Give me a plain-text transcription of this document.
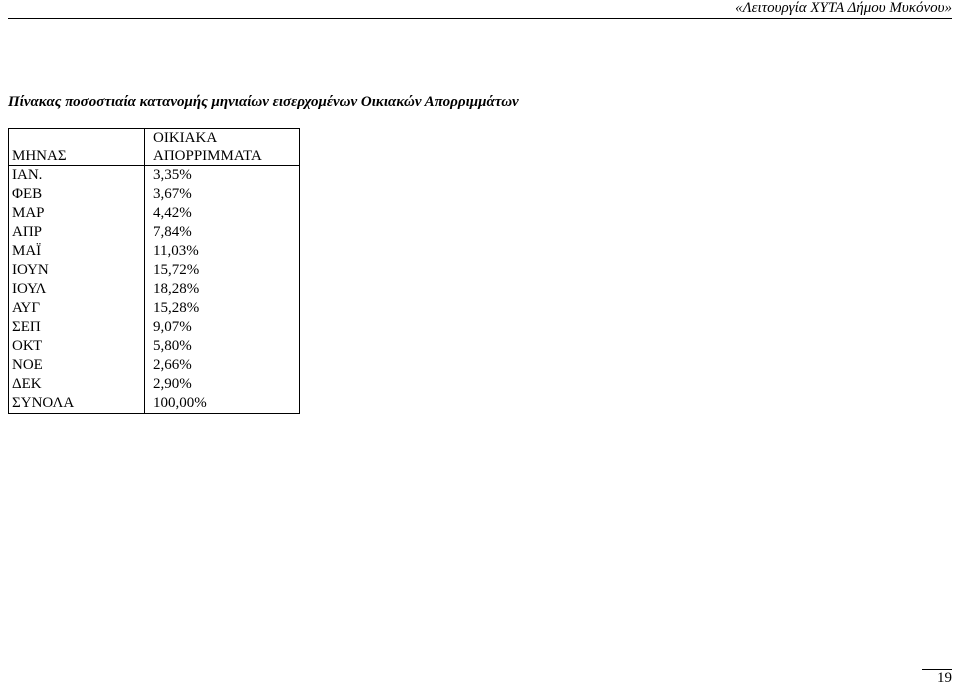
«Λειτουργία ΧΥΤΑ Δήμου Μυκόνου»
Πίνακας ποσοστιαία κατανομής μηνιαίων εισερχομένων Οικιακών Απορριμμάτων
ΜΗΝΑΣ	ΟΙΚΙΑΚΑ
ΑΠΟΡΡΙΜΜΑΤΑ
ΙΑΝ.	3,35%
ΦΕΒ	3,67%
ΜΑΡ	4,42%
ΑΠΡ	7,84%
ΜΑΪ	11,03%
ΙΟΥΝ	15,72%
ΙΟΥΛ	18,28%
ΑΥΓ	15,28%
ΣΕΠ	9,07%
ΟΚΤ	5,80%
ΝΟΕ	2,66%
ΔΕΚ	2,90%
ΣΥΝΟΛΑ	100,00%
19
